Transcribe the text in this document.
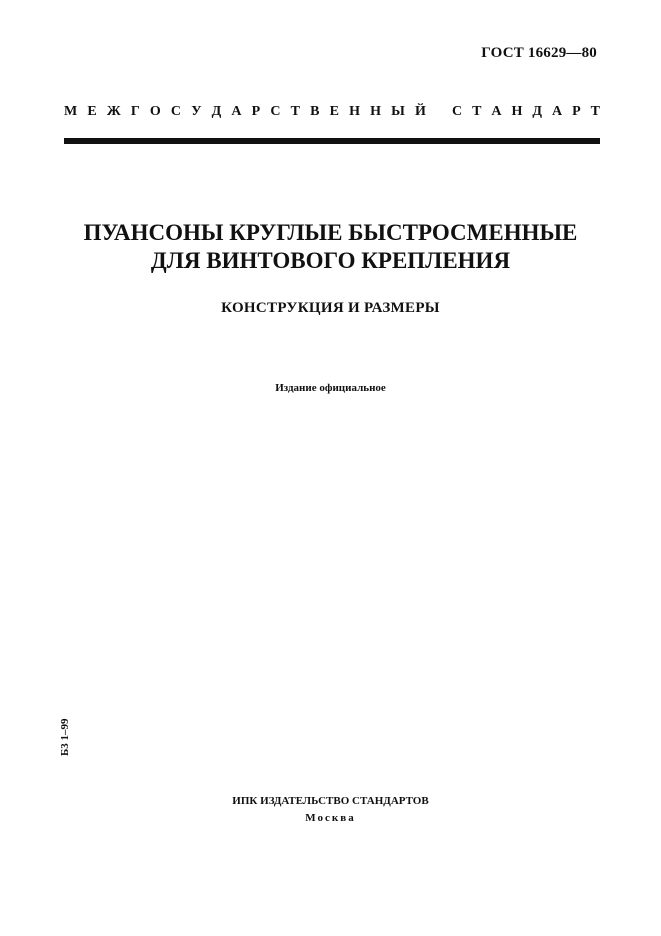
ГОСТ 16629—80
М Е Ж Г О С У Д А Р С Т В Е Н Н Ы Й С Т А Н Д А Р Т
ПУАНСОНЫ КРУГЛЫЕ БЫСТРОСМЕННЫЕ
ДЛЯ ВИНТОВОГО КРЕПЛЕНИЯ
КОНСТРУКЦИЯ И РАЗМЕРЫ
Издание официальное
Б3 1–99
ИПК ИЗДАТЕЛЬСТВО СТАНДАРТОВ
Москва
